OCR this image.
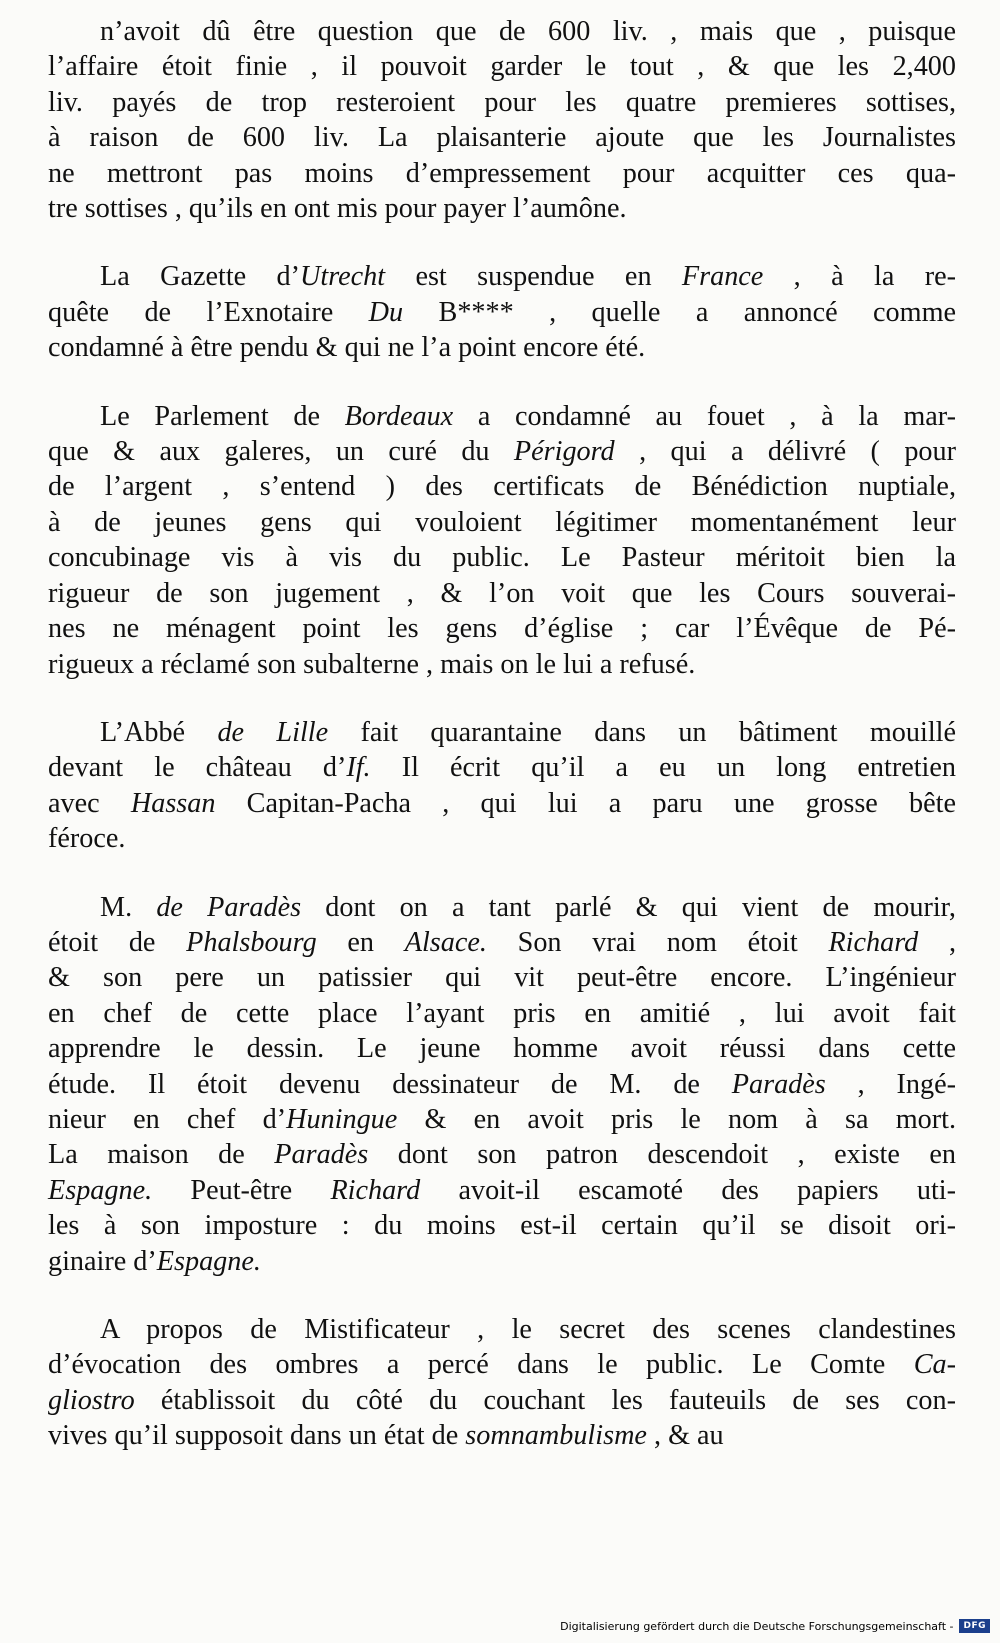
n’avoit dû être question que de 600 liv. , mais que , puisque
l’affaire étoit finie , il pouvoit garder le tout , & que les 2,400
liv. payés de trop resteroient pour les quatre premieres sottises,
à raison de 600 liv. La plaisanterie ajoute que les Journalistes
ne mettront pas moins d’empressement pour acquitter ces qua-
tre sottises , qu’ils en ont mis pour payer l’aumône.
La Gazette d’Utrecht est suspendue en France , à la re-
quête de l’Exnotaire Du B**** , quelle a annoncé comme
condamné à être pendu & qui ne l’a point encore été.
Le Parlement de Bordeaux a condamné au fouet , à la mar-
que & aux galeres, un curé du Périgord , qui a délivré ( pour
de l’argent , s’entend ) des certificats de Bénédiction nuptiale,
à de jeunes gens qui vouloient légitimer momentanément leur
concubinage vis à vis du public. Le Pasteur méritoit bien la
rigueur de son jugement , & l’on voit que les Cours souverai-
nes ne ménagent point les gens d’église ; car l’Évêque de Pé-
rigueux a réclamé son subalterne , mais on le lui a refusé.
L’Abbé de Lille fait quarantaine dans un bâtiment mouillé
devant le château d’If. Il écrit qu’il a eu un long entretien
avec Hassan Capitan-Pacha , qui lui a paru une grosse bête
féroce.
M. de Paradès dont on a tant parlé & qui vient de mourir,
étoit de Phalsbourg en Alsace. Son vrai nom étoit Richard ,
& son pere un patissier qui vit peut-être encore. L’ingénieur
en chef de cette place l’ayant pris en amitié , lui avoit fait
apprendre le dessin. Le jeune homme avoit réussi dans cette
étude. Il étoit devenu dessinateur de M. de Paradès , Ingé-
nieur en chef d’Huningue & en avoit pris le nom à sa mort.
La maison de Paradès dont son patron descendoit , existe en
Espagne. Peut-être Richard avoit-il escamoté des papiers uti-
les à son imposture : du moins est-il certain qu’il se disoit ori-
ginaire d’Espagne.
A propos de Mistificateur , le secret des scenes clandestines
d’évocation des ombres a percé dans le public. Le Comte Ca-
gliostro établissoit du côté du couchant les fauteuils de ses con-
vives qu’il supposoit dans un état de somnambulisme , & au
Digitalisierung gefördert durch die Deutsche Forschungsgemeinschaft -	DFG
